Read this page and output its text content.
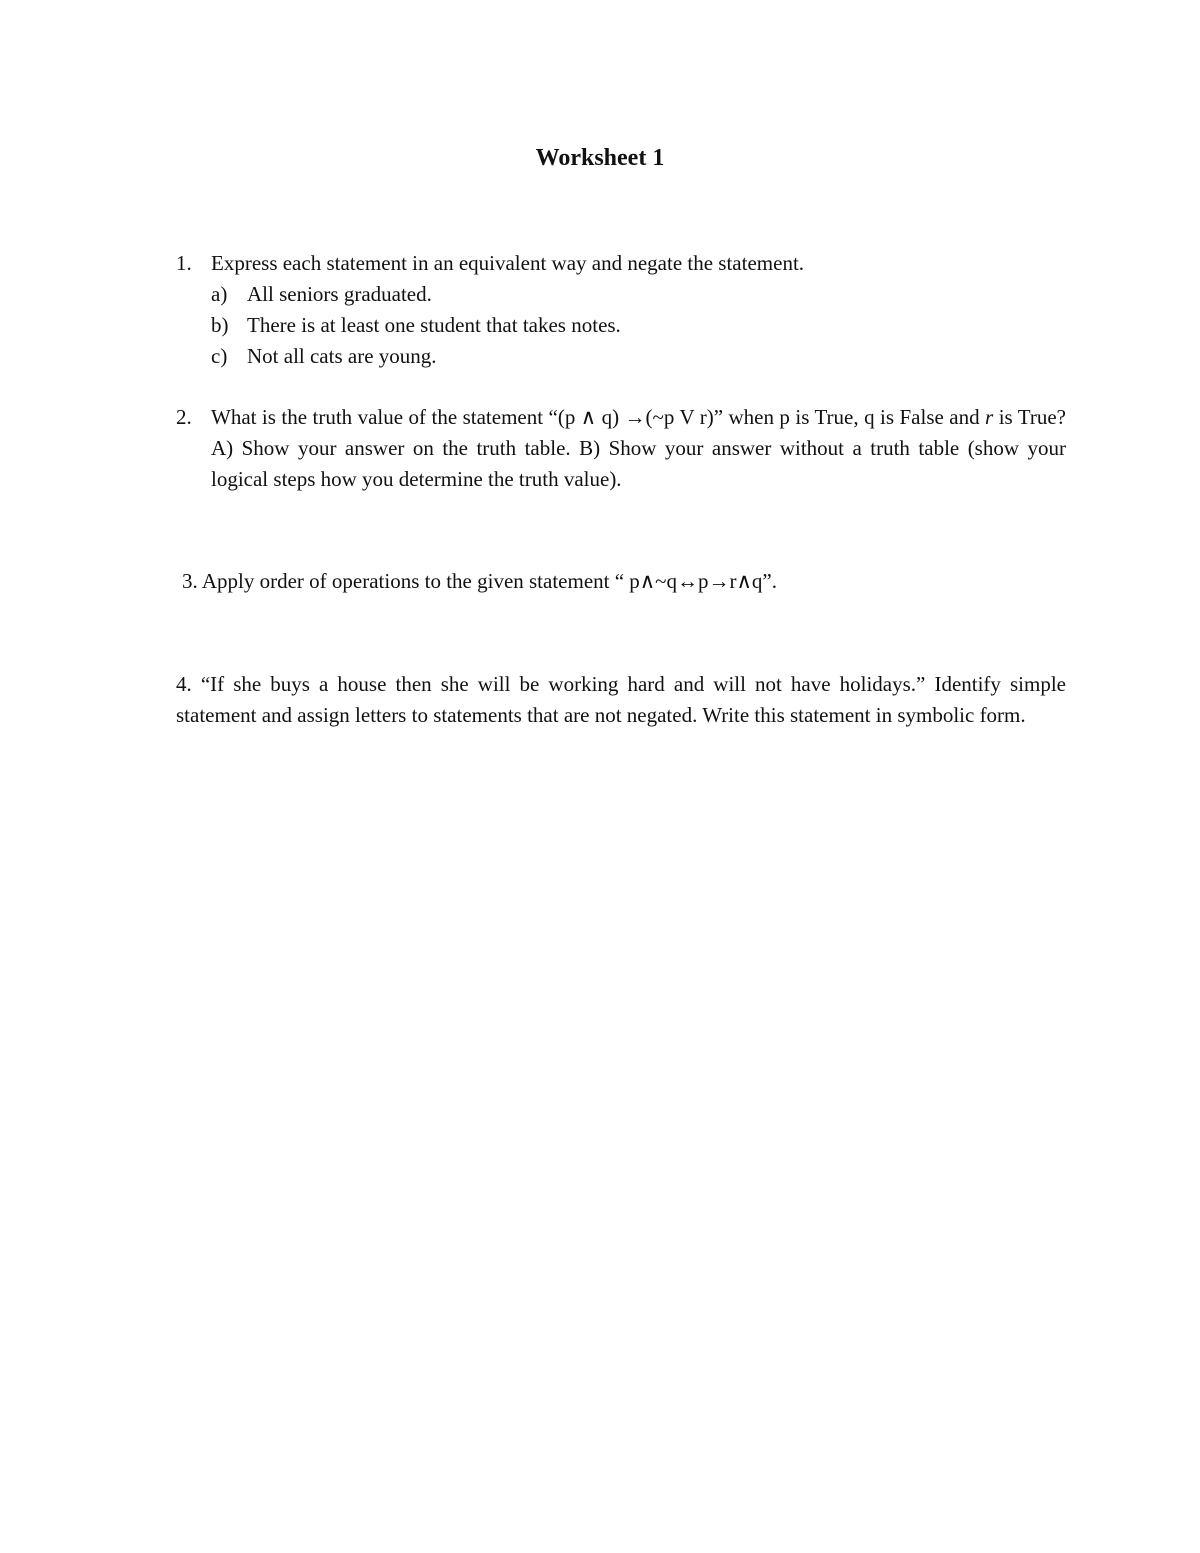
Worksheet 1
1. Express each statement in an equivalent way and negate the statement.
a) All seniors graduated.
b) There is at least one student that takes notes.
c) Not all cats are young.
2. What is the truth value of the statement “(p ∧ q) →(~p V r)” when p is True, q is False and r is True? A) Show your answer on the truth table. B) Show your answer without a truth table (show your logical steps how you determine the truth value).
3. Apply order of operations to the given statement “ p∧~q↔p→r∧q”.
4. “If she buys a house then she will be working hard and will not have holidays.” Identify simple statement and assign letters to statements that are not negated. Write this statement in symbolic form.
